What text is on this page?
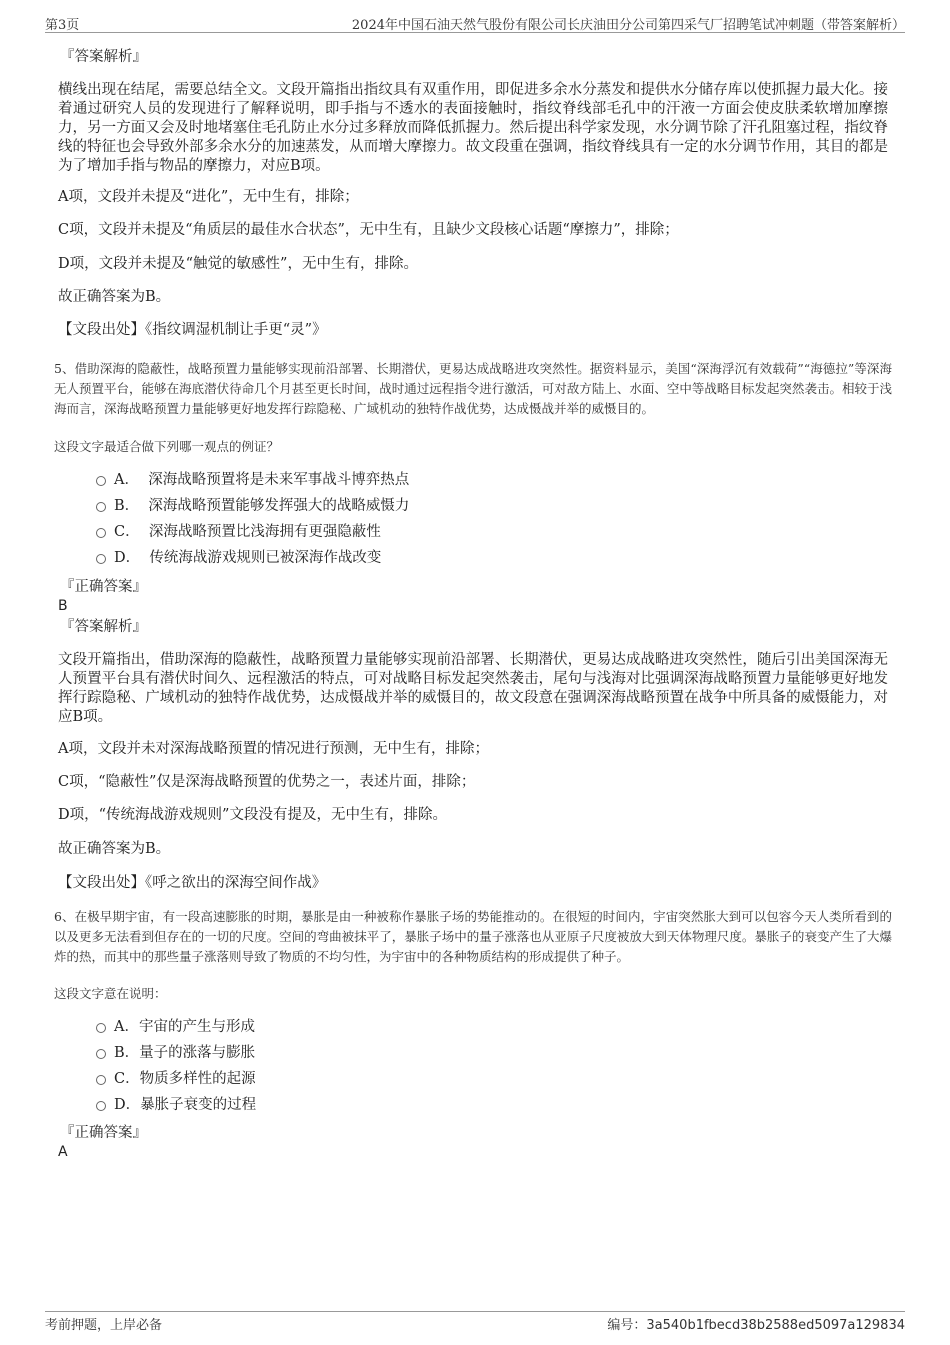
第3页	2024年中国石油天然气股份有限公司长庆油田分公司第四采气厂招聘笔试冲刺题（带答案解析）
『答案解析』
横线出现在结尾，需要总结全文。文段开篇指出指纹具有双重作用，即促进多余水分蒸发和提供水分储存库以使抓握力最大化。接着通过研究人员的发现进行了解释说明，即手指与不透水的表面接触时，指纹脊线部毛孔中的汗液一方面会使皮肤柔软增加摩擦力，另一方面又会及时地堵塞住毛孔防止水分过多释放而降低抓握力。然后提出科学家发现，水分调节除了汗孔阻塞过程，指纹脊线的特征也会导致外部多余水分的加速蒸发，从而增大摩擦力。故文段重在强调，指纹脊线具有一定的水分调节作用，其目的都是为了增加手指与物品的摩擦力，对应B项。
A项，文段并未提及“进化”，无中生有，排除；
C项，文段并未提及“角质层的最佳水合状态”，无中生有，且缺少文段核心话题“摩擦力”，排除；
D项，文段并未提及“触觉的敏感性”，无中生有，排除。
故正确答案为B。
【文段出处】《指纹调湿机制让手更“灵”》
5、借助深海的隐蔽性，战略预置力量能够实现前沿部署、长期潜伏，更易达成战略进攻突然性。据资料显示，美国“深海浮沉有效载荷”“海德拉”等深海无人预置平台，能够在海底潜伏待命几个月甚至更长时间，战时通过远程指令进行激活，可对敌方陆上、水面、空中等战略目标发起突然袭击。相较于浅海而言，深海战略预置力量能够更好地发挥行踪隐秘、广域机动的独特作战优势，达成慑战并举的威慑目的。
这段文字最适合做下列哪一观点的例证？
A． 深海战略预置将是未来军事战斗博弈热点
B． 深海战略预置能够发挥强大的战略威慑力
C． 深海战略预置比浅海拥有更强隐蔽性
D． 传统海战游戏规则已被深海作战改变
『正确答案』
B
『答案解析』
文段开篇指出，借助深海的隐蔽性，战略预置力量能够实现前沿部署、长期潜伏，更易达成战略进攻突然性，随后引出美国深海无人预置平台具有潜伏时间久、远程激活的特点，可对战略目标发起突然袭击，尾句与浅海对比强调深海战略预置力量能够更好地发挥行踪隐秘、广域机动的独特作战优势，达成慑战并举的威慑目的，故文段意在强调深海战略预置在战争中所具备的威慑能力，对应B项。
A项，文段并未对深海战略预置的情况进行预测，无中生有，排除；
C项，“隐蔽性”仅是深海战略预置的优势之一，表述片面，排除；
D项，“传统海战游戏规则”文段没有提及，无中生有，排除。
故正确答案为B。
【文段出处】《呼之欲出的深海空间作战》
6、在极早期宇宙，有一段高速膨胀的时期，暴胀是由一种被称作暴胀子场的势能推动的。在很短的时间内，宇宙突然胀大到可以包容今天人类所看到的以及更多无法看到但存在的一切的尺度。空间的弯曲被抹平了，暴胀子场中的量子涨落也从亚原子尺度被放大到天体物理尺度。暴胀子的衰变产生了大爆炸的热，而其中的那些量子涨落则导致了物质的不均匀性，为宇宙中的各种物质结构的形成提供了种子。
这段文字意在说明：
A．宇宙的产生与形成
B．量子的涨落与膨胀
C．物质多样性的起源
D．暴胀子衰变的过程
『正确答案』
A
考前押题，上岸必备	编号：3a540b1fbecd38b2588ed5097a129834
